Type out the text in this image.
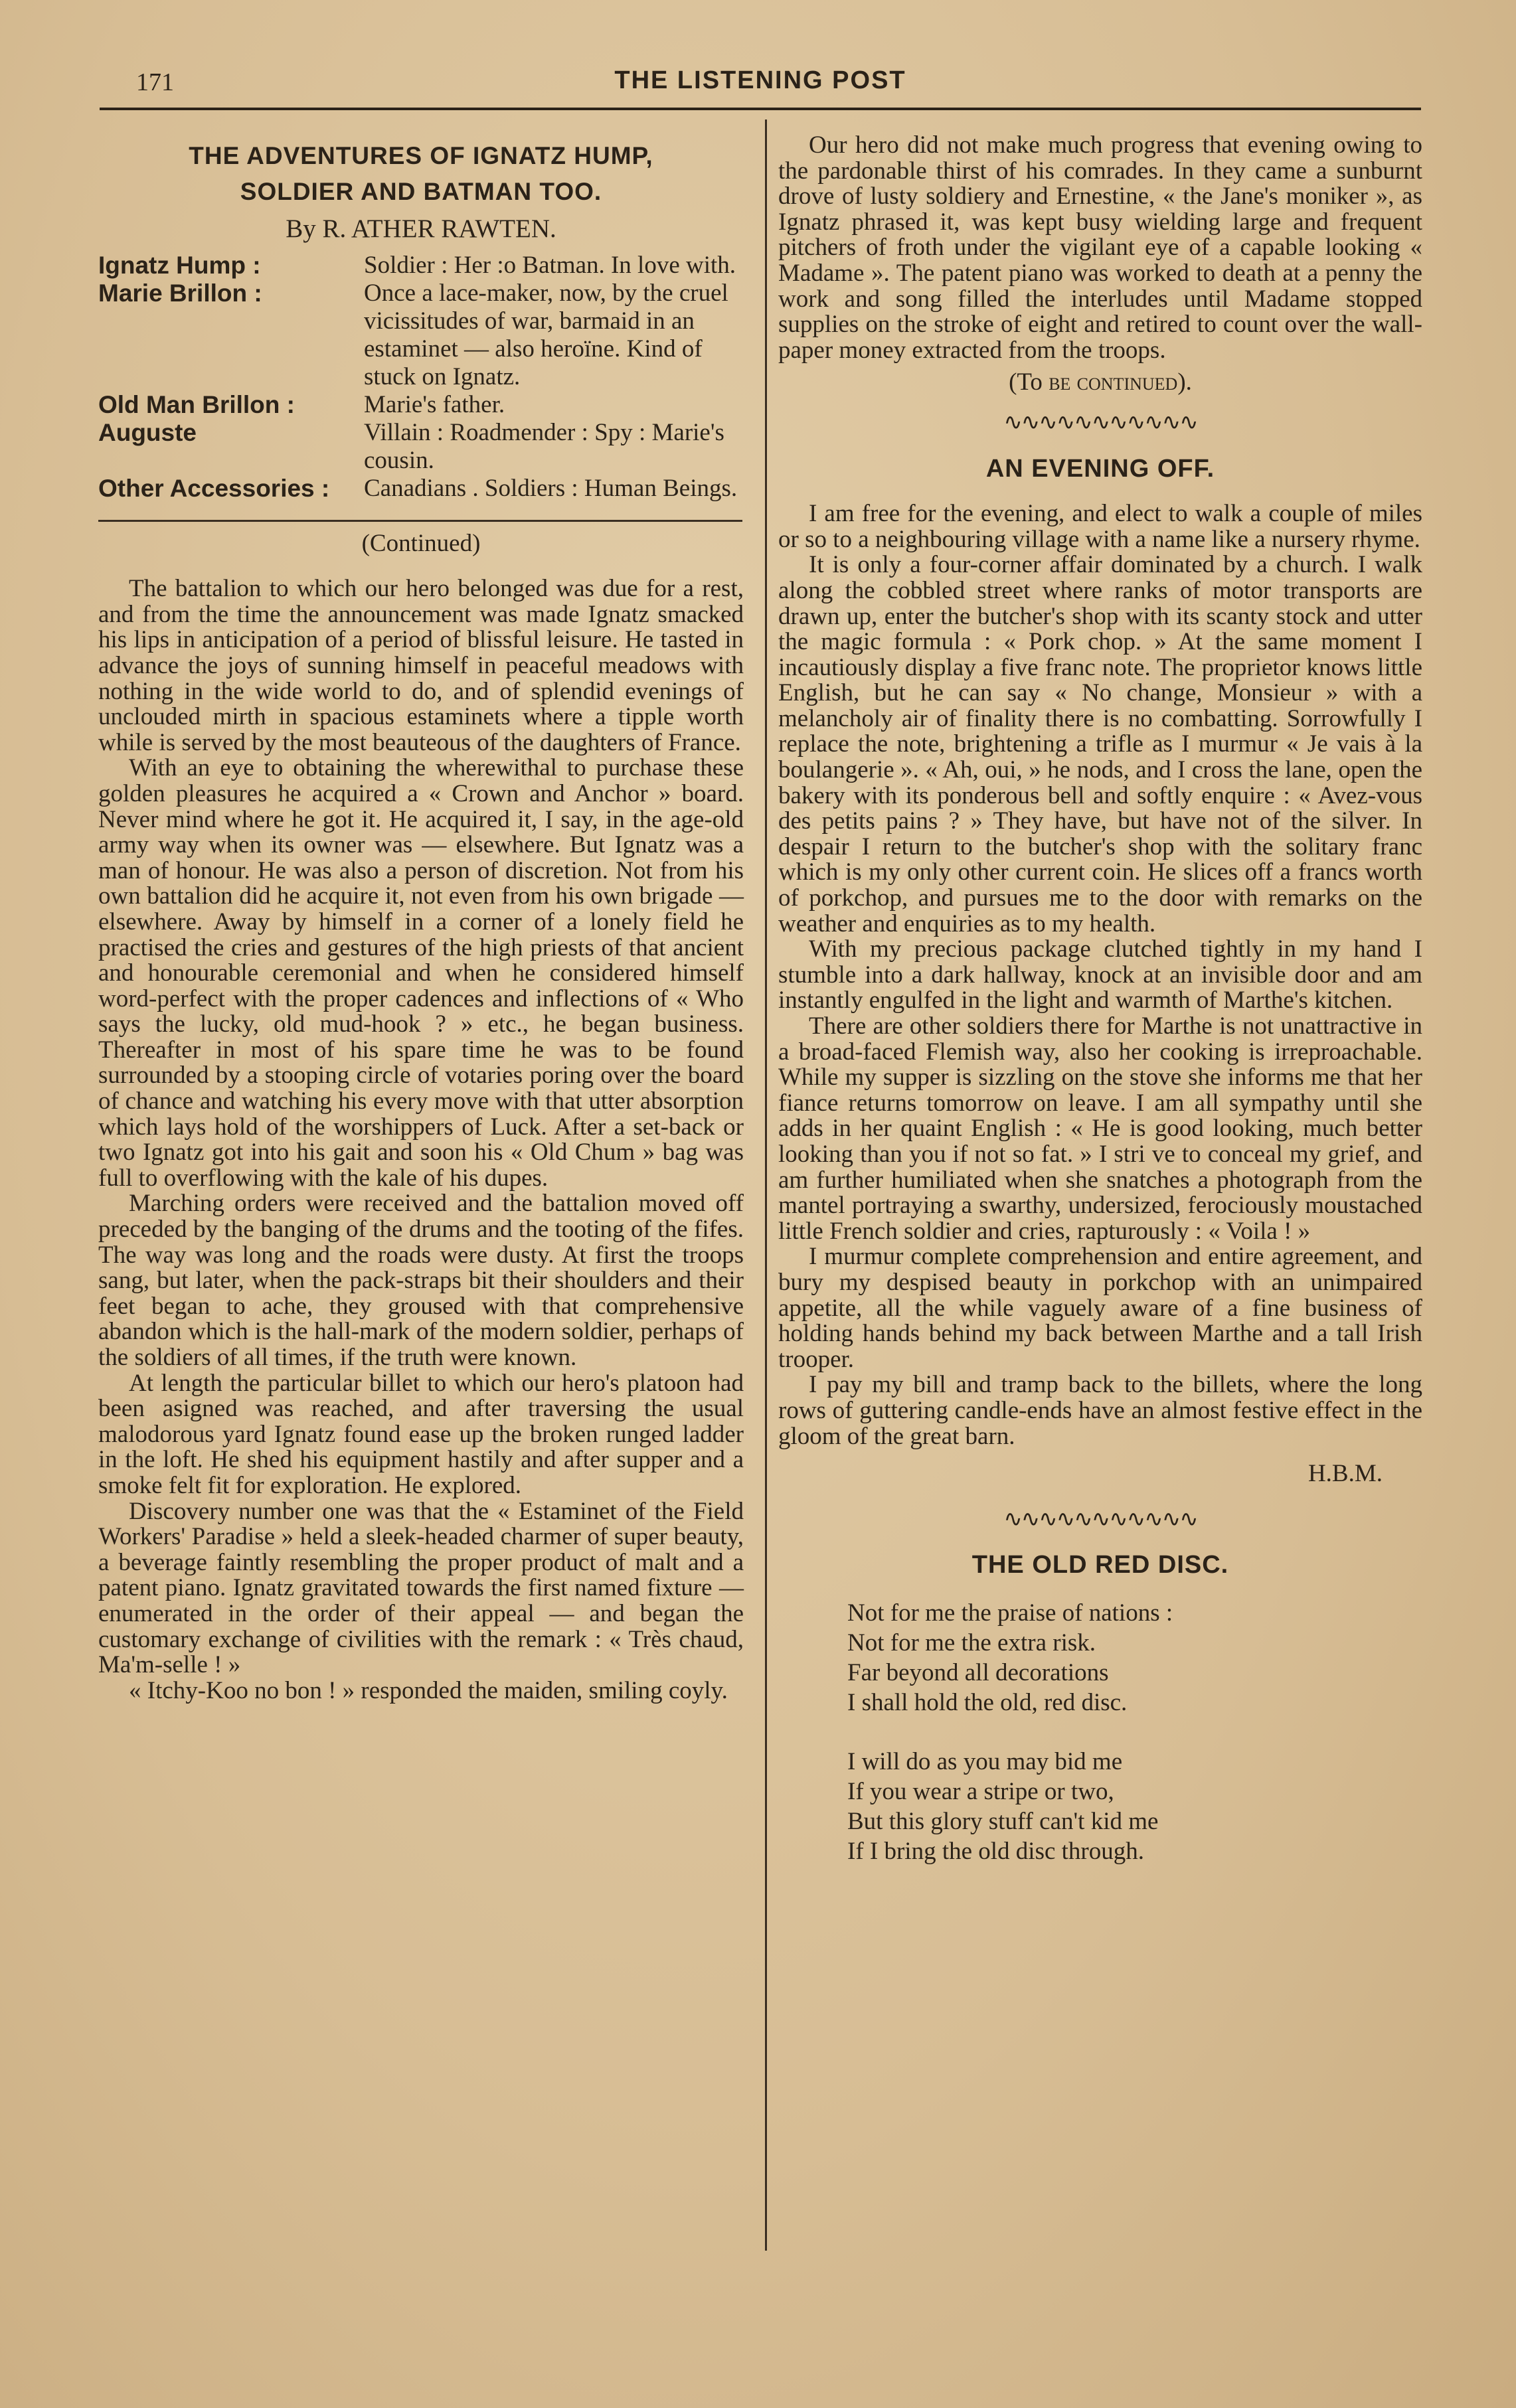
171	THE LISTENING POST
THE ADVENTURES OF IGNATZ HUMP,
SOLDIER AND BATMAN TOO.
By R. ATHER RAWTEN.
Ignatz Hump :	Soldier : Her :o Batman. In love with.
Marie Brillon :	Once a lace-maker, now, by the cruel vicissitudes of war, barmaid in an estaminet — also heroïne. Kind of stuck on Ignatz.
Old Man Brillon :	Marie's father.
Auguste	Villain : Roadmender : Spy : Marie's cousin.
Other Accessories :	Canadians . Soldiers : Human Beings.
(Continued)

The battalion to which our hero belonged was due for a rest, and from the time the announcement was made Ignatz smacked his lips in anticipation of a period of blissful leisure. He tasted in advance the joys of sunning himself in peaceful meadows with nothing in the wide world to do, and of splendid evenings of unclouded mirth in spacious estaminets where a tipple worth while is served by the most beauteous of the daughters of France.

With an eye to obtaining the wherewithal to purchase these golden pleasures he acquired a « Crown and Anchor » board. Never mind where he got it. He acquired it, I say, in the age-old army way when its owner was — elsewhere. But Ignatz was a man of honour. He was also a person of discretion. Not from his own battalion did he acquire it, not even from his own brigade — elsewhere. Away by himself in a corner of a lonely field he practised the cries and gestures of the high priests of that ancient and honourable ceremonial and when he considered himself word-perfect with the proper cadences and inflections of « Who says the lucky, old mud-hook ? » etc., he began business. Thereafter in most of his spare time he was to be found surrounded by a stooping circle of votaries poring over the board of chance and watching his every move with that utter absorption which lays hold of the worshippers of Luck. After a set-back or two Ignatz got into his gait and soon his « Old Chum » bag was full to overflowing with the kale of his dupes.

Marching orders were received and the battalion moved off preceded by the banging of the drums and the tooting of the fifes. The way was long and the roads were dusty. At first the troops sang, but later, when the pack-straps bit their shoulders and their feet began to ache, they groused with that comprehensive abandon which is the hall-mark of the modern soldier, perhaps of the soldiers of all times, if the truth were known.

At length the particular billet to which our hero's platoon had been asigned was reached, and after traversing the usual malodorous yard Ignatz found ease up the broken runged ladder in the loft. He shed his equipment hastily and after supper and a smoke felt fit for exploration. He explored.

Discovery number one was that the « Estaminet of the Field Workers' Paradise » held a sleek-headed charmer of super beauty, a beverage faintly resembling the proper product of malt and a patent piano. Ignatz gravitated towards the first named fixture — enumerated in the order of their appeal — and began the customary exchange of civilities with the remark : « Très chaud, Ma'm-selle ! »

« Itchy-Koo no bon ! » responded the maiden, smiling coyly.

Our hero did not make much progress that evening owing to the pardonable thirst of his comrades. In they came a sunburnt drove of lusty soldiery and Ernestine, « the Jane's moniker », as Ignatz phrased it, was kept busy wielding large and frequent pitchers of froth under the vigilant eye of a capable looking « Madame ». The patent piano was worked to death at a penny the work and song filled the interludes until Madame stopped supplies on the stroke of eight and retired to count over the wall-paper money extracted from the troops.

(To be continued).
∿∿∿∿∿∿∿∿∿∿∿
AN EVENING OFF.

I am free for the evening, and elect to walk a couple of miles or so to a neighbouring village with a name like a nursery rhyme.

It is only a four-corner affair dominated by a church. I walk along the cobbled street where ranks of motor transports are drawn up, enter the butcher's shop with its scanty stock and utter the magic formula : « Pork chop. » At the same moment I incautiously display a five franc note. The proprietor knows little English, but he can say « No change, Monsieur » with a melancholy air of finality there is no combatting. Sorrowfully I replace the note, brightening a trifle as I murmur « Je vais à la boulangerie ». « Ah, oui, » he nods, and I cross the lane, open the bakery with its ponderous bell and softly enquire : « Avez-vous des petits pains ? » They have, but have not of the silver. In despair I return to the butcher's shop with the solitary franc which is my only other current coin. He slices off a francs worth of porkchop, and pursues me to the door with remarks on the weather and enquiries as to my health.

With my precious package clutched tightly in my hand I stumble into a dark hallway, knock at an invisible door and am instantly engulfed in the light and warmth of Marthe's kitchen.

There are other soldiers there for Marthe is not unattractive in a broad-faced Flemish way, also her cooking is irreproachable. While my supper is sizzling on the stove she informs me that her fiance returns tomorrow on leave. I am all sympathy until she adds in her quaint English : « He is good looking, much better looking than you if not so fat. » I stri ve to conceal my grief, and am further humiliated when she snatches a photograph from the mantel portraying a swarthy, undersized, ferociously moustached little French soldier and cries, rapturously : « Voila ! »

I murmur complete comprehension and entire agreement, and bury my despised beauty in porkchop with an unimpaired appetite, all the while vaguely aware of a fine business of holding hands behind my back between Marthe and a tall Irish trooper.

I pay my bill and tramp back to the billets, where the long rows of guttering candle-ends have an almost festive effect in the gloom of the great barn.

H.B.M.
∿∿∿∿∿∿∿∿∿∿∿
THE OLD RED DISC.
Not for me the praise of nations :
Not for me the extra risk.
Far beyond all decorations
I shall hold the old, red disc.
I will do as you may bid me
If you wear a stripe or two,
But this glory stuff can't kid me
If I bring the old disc through.
